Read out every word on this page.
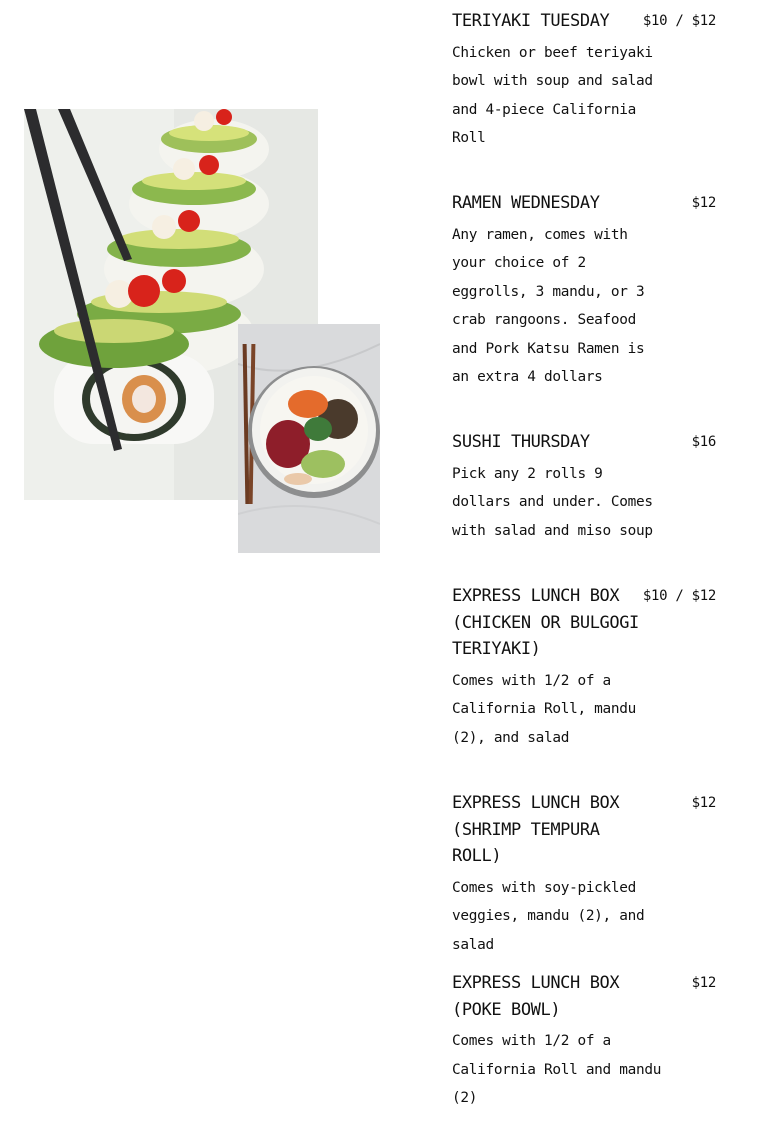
TERIYAKI TUESDAY	$10 / $12

Chicken or beef teriyaki bowl with soup and salad and 4-piece California Roll

RAMEN WEDNESDAY	$12

Any ramen, comes with your choice of 2 eggrolls, 3 mandu, or 3 crab rangoons. Seafood and Pork Katsu Ramen is an extra 4 dollars

SUSHI THURSDAY	$16

Pick any 2 rolls 9 dollars and under. Comes with salad and miso soup

EXPRESS LUNCH BOX (CHICKEN OR BULGOGI TERIYAKI)
$10 / $12

Comes with 1/2 of a California Roll, mandu (2), and salad

EXPRESS LUNCH BOX (SHRIMP TEMPURA ROLL)
$12

Comes with soy-pickled veggies, mandu (2), and salad

EXPRESS LUNCH BOX (POKE BOWL)
$12

Comes with 1/2 of a California Roll and mandu (2)
